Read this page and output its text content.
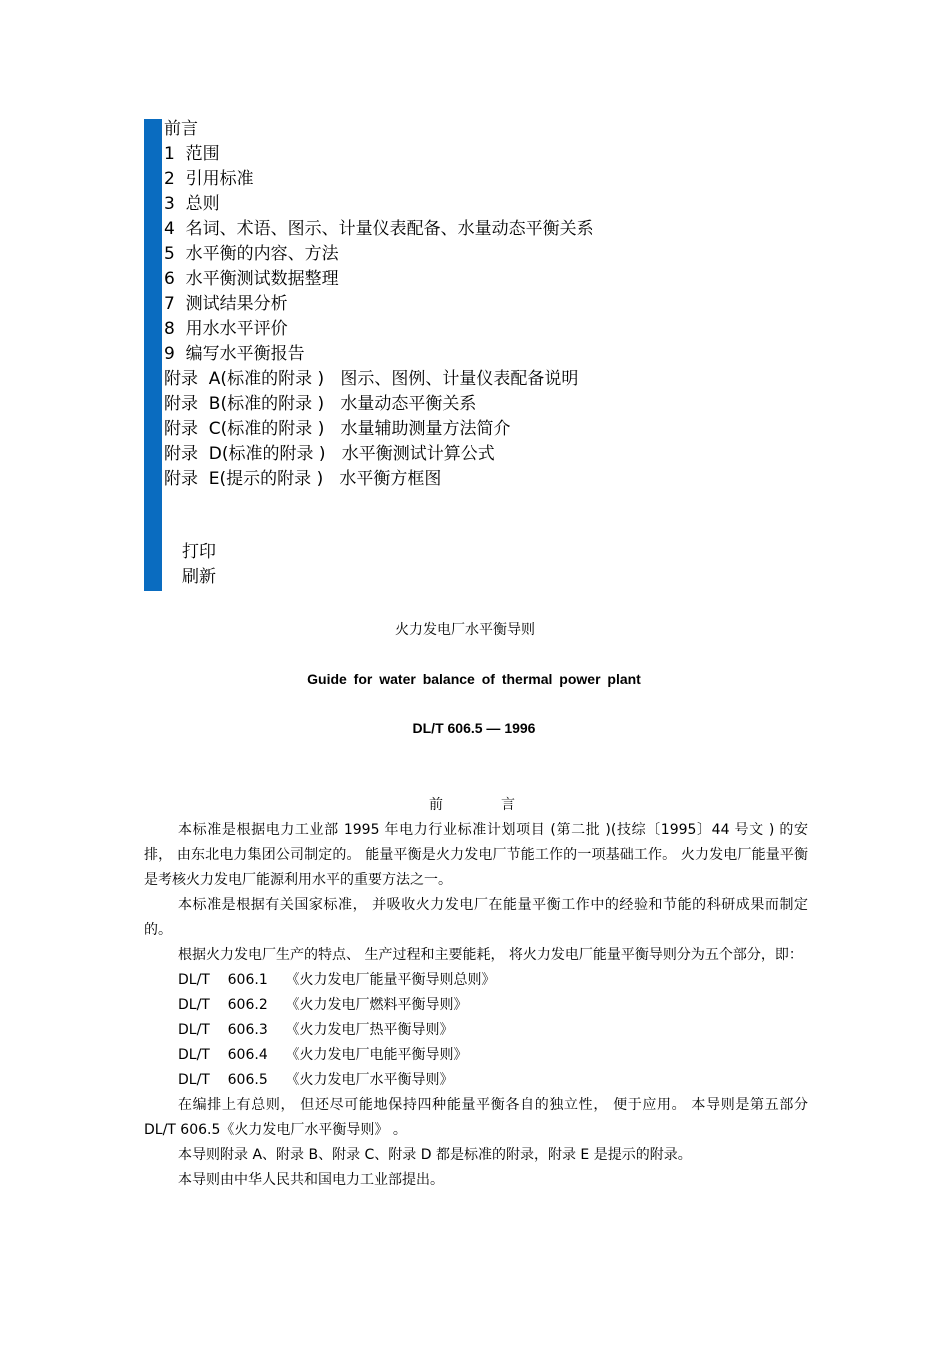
前言
1  范围
2  引用标准
3  总则
4  名词、术语、图示、计量仪表配备、水量动态平衡关系
5  水平衡的内容、方法
6  水平衡测试数据整理
7  测试结果分析
8  用水水平评价
9  编写水平衡报告
附录  A(标准的附录 )   图示、图例、计量仪表配备说明
附录  B(标准的附录 )   水量动态平衡关系
附录  C(标准的附录 )   水量辅助测量方法简介
附录  D(标准的附录 )   水平衡测试计算公式
附录  E(提示的附录 )   水平衡方框图
打印
刷新
火力发电厂水平衡导则
Guide for water balance of thermal power plant
DL/T 606.5 — 1996
前言

本标准是根据电力工业部 1995 年电力行业标准计划项目 (第二批 )(技综〔1995〕44 号文 ) 的安排， 由东北电力集团公司制定的。 能量平衡是火力发电厂节能工作的一项基础工作。 火力发电厂能量平衡是考核火力发电厂能源利用水平的重要方法之一。

本标准是根据有关国家标准， 并吸收火力发电厂在能量平衡工作中的经验和节能的科研成果而制定的。

根据火力发电厂生产的特点、 生产过程和主要能耗， 将火力发电厂能量平衡导则分为五个部分，即：

DL/T    606.1    《火力发电厂能量平衡导则总则》

DL/T    606.2    《火力发电厂燃料平衡导则》

DL/T    606.3    《火力发电厂热平衡导则》

DL/T    606.4    《火力发电厂电能平衡导则》

DL/T    606.5    《火力发电厂水平衡导则》

在编排上有总则， 但还尽可能地保持四种能量平衡各自的独立性， 便于应用。 本导则是第五部分 DL/T 606.5《火力发电厂水平衡导则》 。

本导则附录 A、附录 B、附录 C、附录 D 都是标准的附录，附录 E 是提示的附录。

本导则由中华人民共和国电力工业部提出。
